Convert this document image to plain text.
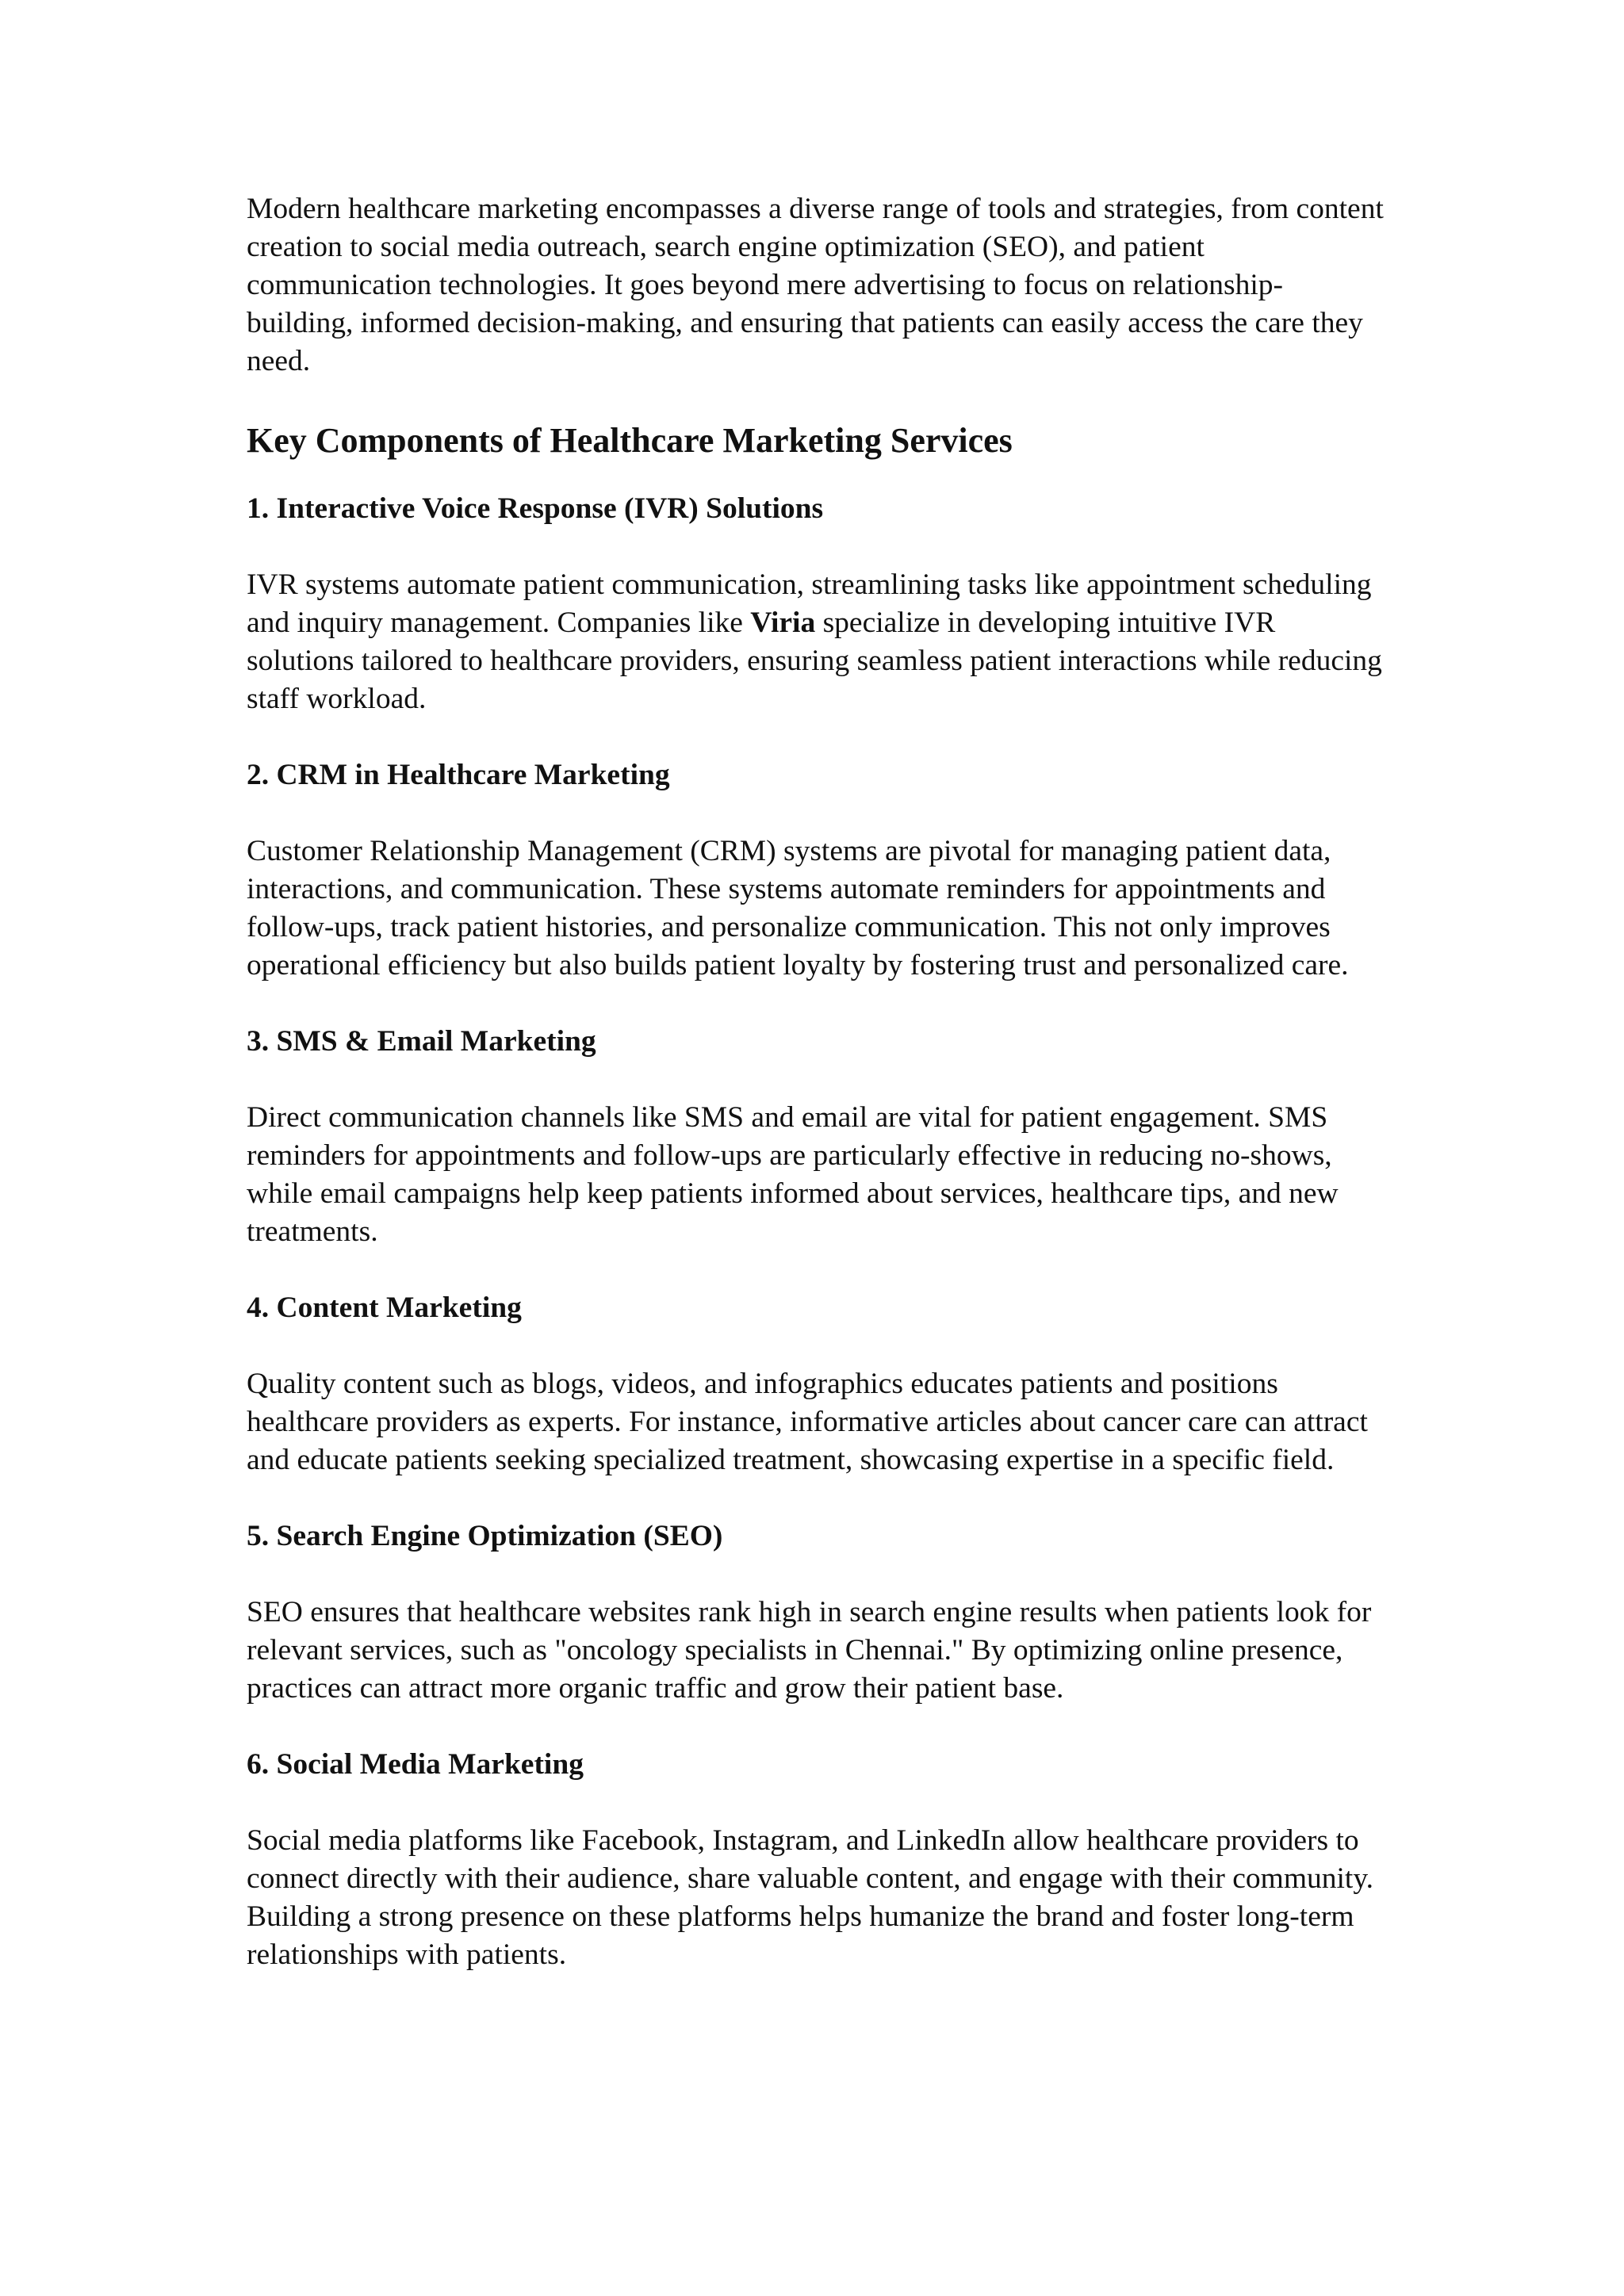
Modern healthcare marketing encompasses a diverse range of tools and strategies, from content creation to social media outreach, search engine optimization (SEO), and patient communication technologies. It goes beyond mere advertising to focus on relationship-building, informed decision-making, and ensuring that patients can easily access the care they need.

Key Components of Healthcare Marketing Services
1. Interactive Voice Response (IVR) Solutions

IVR systems automate patient communication, streamlining tasks like appointment scheduling and inquiry management. Companies like Viria specialize in developing intuitive IVR solutions tailored to healthcare providers, ensuring seamless patient interactions while reducing staff workload.

2. CRM in Healthcare Marketing

Customer Relationship Management (CRM) systems are pivotal for managing patient data, interactions, and communication. These systems automate reminders for appointments and follow-ups, track patient histories, and personalize communication. This not only improves operational efficiency but also builds patient loyalty by fostering trust and personalized care.

3. SMS & Email Marketing

Direct communication channels like SMS and email are vital for patient engagement. SMS reminders for appointments and follow-ups are particularly effective in reducing no-shows, while email campaigns help keep patients informed about services, healthcare tips, and new treatments.

4. Content Marketing

Quality content such as blogs, videos, and infographics educates patients and positions healthcare providers as experts. For instance, informative articles about cancer care can attract and educate patients seeking specialized treatment, showcasing expertise in a specific field.

5. Search Engine Optimization (SEO)

SEO ensures that healthcare websites rank high in search engine results when patients look for relevant services, such as "oncology specialists in Chennai." By optimizing online presence, practices can attract more organic traffic and grow their patient base.

6. Social Media Marketing

Social media platforms like Facebook, Instagram, and LinkedIn allow healthcare providers to connect directly with their audience, share valuable content, and engage with their community. Building a strong presence on these platforms helps humanize the brand and foster long-term relationships with patients.
